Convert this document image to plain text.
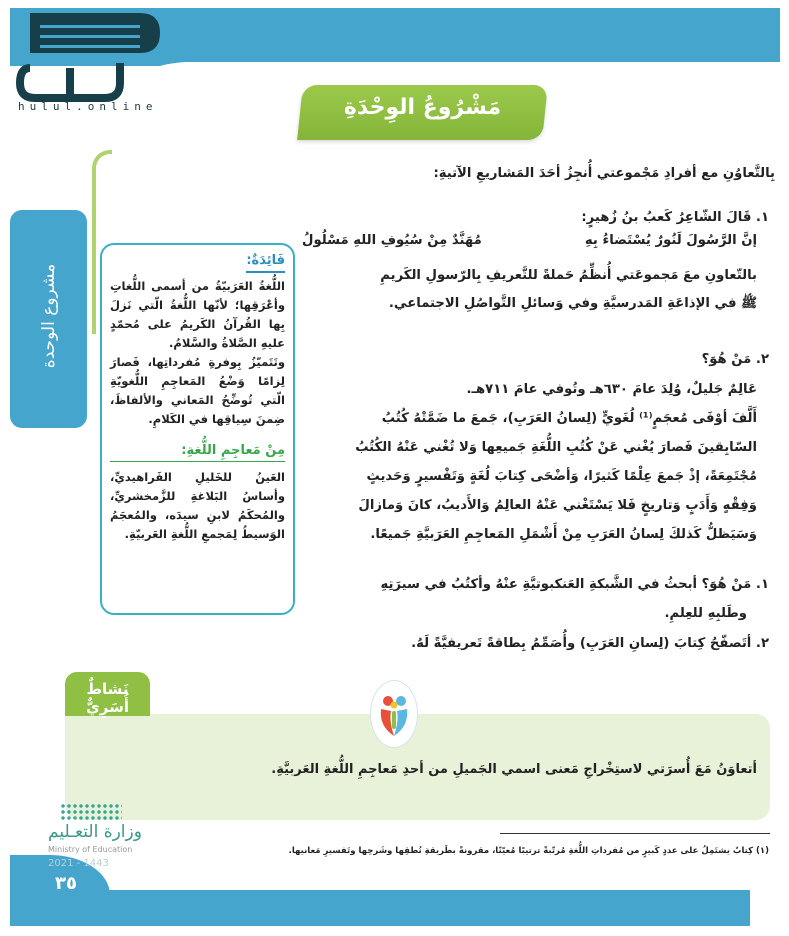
hulul.online	مَشْرُوعُ الوِحْدَةِ
مشروع الوحدة
بِالتَّعاوُنِ مع أفرادِ مَجْموعتي أُنجِزُ أحَدَ المَشاريعِ الآتيةِ:
١. قَالَ الشّاعِرُ كَعبُ بنُ زُهيرٍ:
إنَّ الرَّسُولَ لَنُورٌ يُسْتَضاءُ بِهِ
مُهَنَّدٌ مِنْ سُيُوفِ اللهِ مَسْلُولُ
بالتّعاونِ معَ مَجموعَتي أُنظِّمُ حَملةً للتَّعريفِ بِالرّسولِ الكَريمِ
ﷺ في الإذاعَةِ المَدرسيَّةِ وفي وَسائلِ التَّواصُلِ الاجتماعي.
٢. مَنْ هُوَ؟
عَالِمٌ جَليلٌ، وُلِدَ عامَ ٦٣٠هـ وتُوفي عامَ ٧١١هـ.
أَلَّفَ أوْفَى مُعجَمٍ⁽¹⁾ لُغَويٍّ (لِسانُ العَرَبِ)، جَمعَ ما ضَمَّتْهُ كُتُبُ
السّابِقينَ فَصارَ يُغْني عَنْ كُتُبِ اللُّغَةِ جَميعِها وَلا تُغْني عَنْهُ الكُتُبُ
مُجْتَمِعَةً، إذْ جَمعَ عِلْمًا كَثيرًا، وَأضْحَى كِتابَ لُغَةٍ وَتَفْسيرٍ وَحَديثٍ
وَفِقْهٍ وَأَدَبٍ وَتاريخٍ فَلا يَسْتَغْني عَنْهُ العالِمُ وَالأَديبُ، كانَ وَمازالَ
وَسَيَظلُّ كَذلكَ لِسانُ العَرَبِ مِنْ أَشْمَلِ المَعاجِمِ العَرَبيَّةِ جَميعًا.
١. مَنْ هُوَ؟ أبحثُ في الشَّبكةِ العَنكبوتيَّةِ عنْهُ وأكتُبُ في سيرَتِهِ
وطَلبِهِ للعِلمِ.
٢. أتَصفّحُ كِتابَ (لِسانِ العَرَبِ) وأُصَمِّمُ بِطاقةً تَعريفيَّةً لَهُ.
فَائِدَةٌ:
اللُّغةُ العَرَبيّةُ من أسمى اللُّغاتِ وأعْرَقِها؛ لأنّها اللُّغةُ الّتي نَزلَ بِها القُرآنُ الكَريمُ على مُحمّدٍ عليهِ الصَّلاةُ والسَّلامُ.
وتَتَميّزُ بِوفرةِ مُفرداتِها، فَصارَ لِزامًا وَضْعُ المَعاجِمِ اللُّغويّةِ الّتي تُوضِّحُ المَعاني والألفاظَ، ضِمنَ سِياقِها في الكَلامِ.
مِنْ مَعاجِمِ اللُّغةِ:
العَينُ للخَليلِ الفَراهيديِّ، وأساسُ البَلاغةِ للزَّمخشريِّ، والمُحكَمُ لابنِ سيدَه، والمُعجَمُ الوَسيطُ لِمَجمعِ اللُّغةِ العَربيّةِ.
نَشاطٌ أُسَرِيٌّ
أتعاوَنُ مَعَ أُسرَتي لاستِخْراجِ مَعنى اسمي الجَميلِ من أحدِ مَعاجِمِ اللُّغةِ العَربيَّةِ.
وزارة التعـليم
Ministry of Education	(١) كِتابٌ يشتَمِلُ على عددٍ كَبيرٍ من مُفرداتِ اللُّغةِ مُرتّبةً ترتيبًا مُعيّنًا، مقرونةً بطَريقةِ نُطقِها وشَرحِها وتَفسيرِ مَعانيها.
2021 - 1443
٣٥
